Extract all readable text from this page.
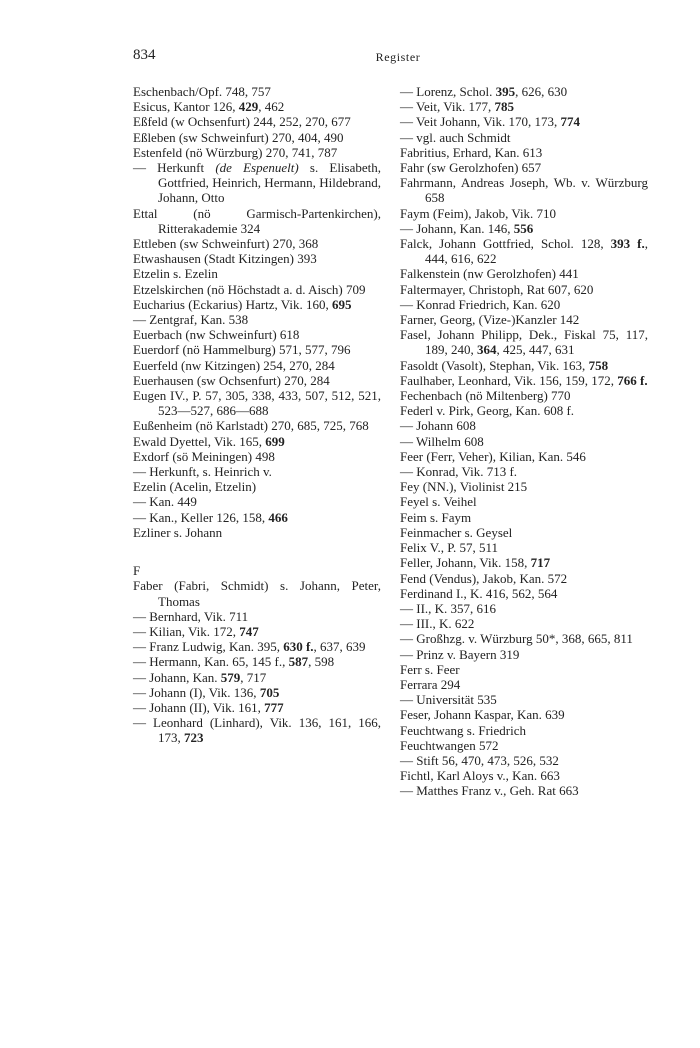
834	Register
Eschenbach/Opf. 748, 757
Esicus, Kantor 126, 429, 462
Eßfeld (w Ochsenfurt) 244, 252, 270, 677
Eßleben (sw Schweinfurt) 270, 404, 490
Estenfeld (nö Würzburg) 270, 741, 787
— Herkunft (de Espenuelt) s. Elisabeth, Gottfried, Heinrich, Hermann, Hildebrand, Johann, Otto
Ettal (nö Garmisch-Partenkirchen), Ritterakademie 324
Ettleben (sw Schweinfurt) 270, 368
Etwashausen (Stadt Kitzingen) 393
Etzelin s. Ezelin
Etzelskirchen (nö Höchstadt a. d. Aisch) 709
Eucharius (Eckarius) Hartz, Vik. 160, 695
— Zentgraf, Kan. 538
Euerbach (nw Schweinfurt) 618
Euerdorf (nö Hammelburg) 571, 577, 796
Euerfeld (nw Kitzingen) 254, 270, 284
Euerhausen (sw Ochsenfurt) 270, 284
Eugen IV., P. 57, 305, 338, 433, 507, 512, 521, 523—527, 686—688
Eußenheim (nö Karlstadt) 270, 685, 725, 768
Ewald Dyettel, Vik. 165, 699
Exdorf (sö Meiningen) 498
— Herkunft, s. Heinrich v.
Ezelin (Acelin, Etzelin)
— Kan. 449
— Kan., Keller 126, 158, 466
Ezliner s. Johann
F
Faber (Fabri, Schmidt) s. Johann, Peter, Thomas
— Bernhard, Vik. 711
— Kilian, Vik. 172, 747
— Franz Ludwig, Kan. 395, 630 f., 637, 639
— Hermann, Kan. 65, 145 f., 587, 598
— Johann, Kan. 579, 717
— Johann (I), Vik. 136, 705
— Johann (II), Vik. 161, 777
— Leonhard (Linhard), Vik. 136, 161, 166, 173, 723
— Lorenz, Schol. 395, 626, 630
— Veit, Vik. 177, 785
— Veit Johann, Vik. 170, 173, 774
— vgl. auch Schmidt
Fabritius, Erhard, Kan. 613
Fahr (sw Gerolzhofen) 657
Fahrmann, Andreas Joseph, Wb. v. Würzburg 658
Faym (Feim), Jakob, Vik. 710
— Johann, Kan. 146, 556
Falck, Johann Gottfried, Schol. 128, 393 f., 444, 616, 622
Falkenstein (nw Gerolzhofen) 441
Faltermayer, Christoph, Rat 607, 620
— Konrad Friedrich, Kan. 620
Farner, Georg, (Vize-)Kanzler 142
Fasel, Johann Philipp, Dek., Fiskal 75, 117, 189, 240, 364, 425, 447, 631
Fasoldt (Vasolt), Stephan, Vik. 163, 758
Faulhaber, Leonhard, Vik. 156, 159, 172, 766 f.
Fechenbach (nö Miltenberg) 770
Federl v. Pirk, Georg, Kan. 608 f.
— Johann 608
— Wilhelm 608
Feer (Ferr, Veher), Kilian, Kan. 546
— Konrad, Vik. 713 f.
Fey (NN.), Violinist 215
Feyel s. Veihel
Feim s. Faym
Feinmacher s. Geysel
Felix V., P. 57, 511
Feller, Johann, Vik. 158, 717
Fend (Vendus), Jakob, Kan. 572
Ferdinand I., K. 416, 562, 564
— II., K. 357, 616
— III., K. 622
— Großhzg. v. Würzburg 50*, 368, 665, 811
— Prinz v. Bayern 319
Ferr s. Feer
Ferrara 294
— Universität 535
Feser, Johann Kaspar, Kan. 639
Feuchtwang s. Friedrich
Feuchtwangen 572
— Stift 56, 470, 473, 526, 532
Fichtl, Karl Aloys v., Kan. 663
— Matthes Franz v., Geh. Rat 663
